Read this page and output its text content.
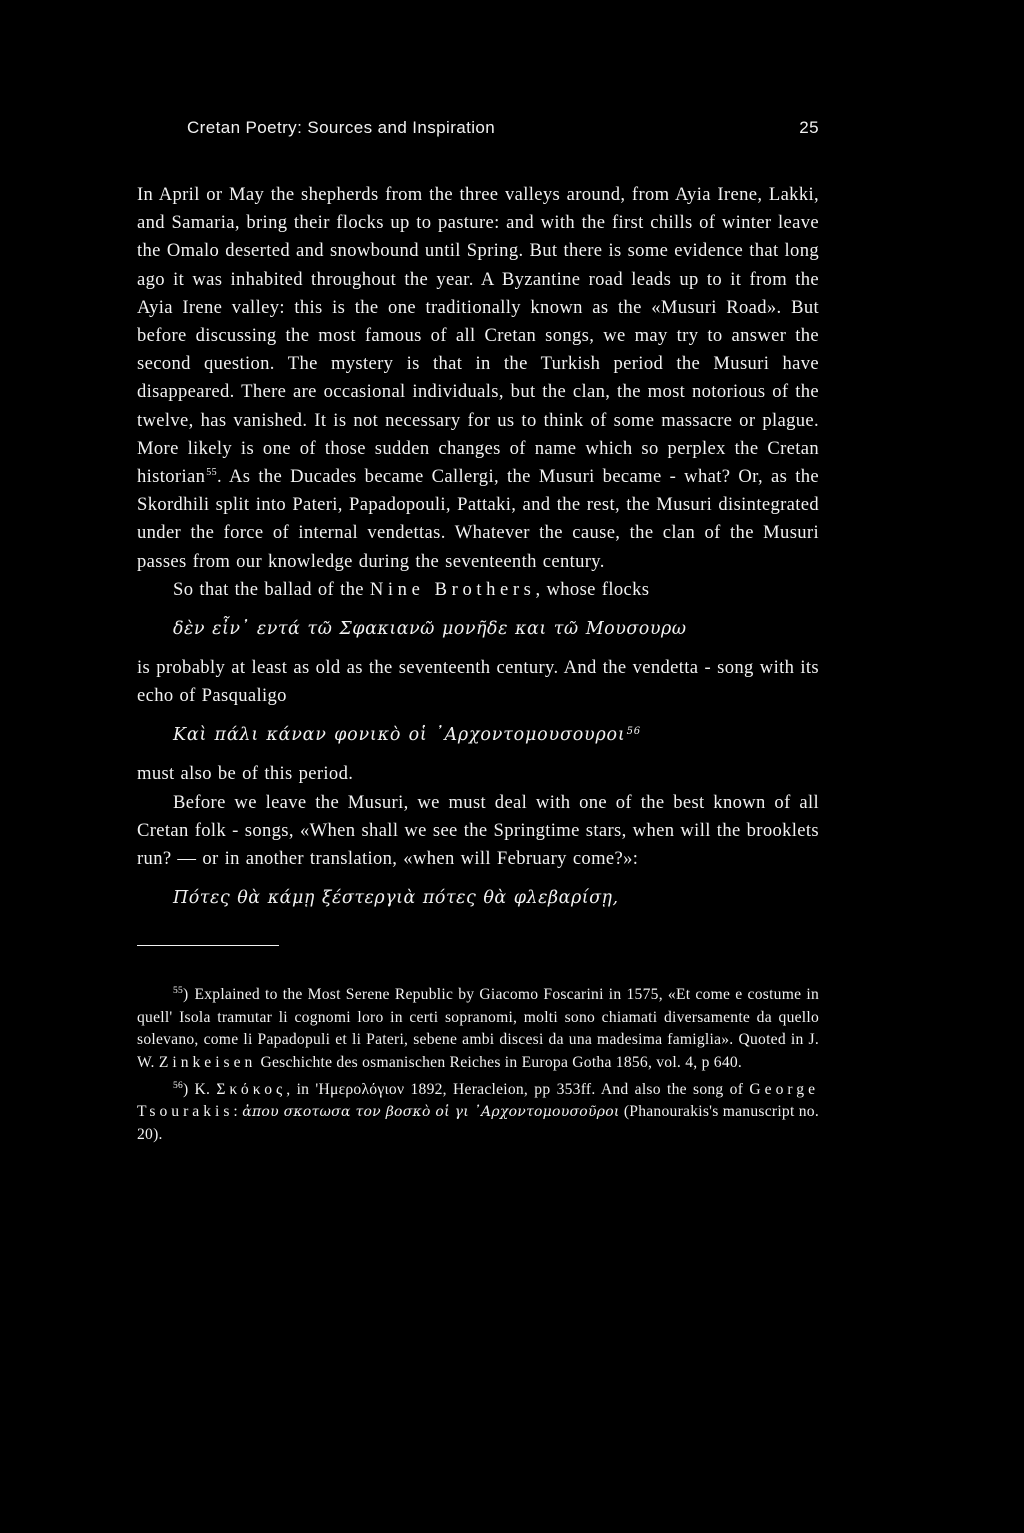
Cretan Poetry: Sources and Inspiration	25

In April or May the shepherds from the three valleys around, from Ayia Irene, Lakki, and Samaria, bring their flocks up to pasture: and with the first chills of winter leave the Omalo deserted and snowbound until Spring. But there is some evidence that long ago it was inhabited throughout the year. A Byzantine road leads up to it from the Ayia Irene valley: this is the one traditionally known as the «Musuri Road». But before discussing the most famous of all Cretan songs, we may try to answer the second question. The mystery is that in the Turkish period the Musuri have disappeared. There are occasional individuals, but the clan, the most notorious of the twelve, has vanished. It is not necessary for us to think of some massacre or plague. More likely is one of those sudden changes of name which so perplex the Cretan historian$^{55}$. As the Ducades became Callergi, the Musuri became - what? Or, as the Skordhili split into Pateri, Papadopouli, Pattaki, and the rest, the Musuri disintegrated under the force of internal vendettas. Whatever the cause, the clan of the Musuri passes from our knowledge during the seventeenth century.

So that the ballad of the Nine Brothers, whose flocks

δὲν εἶν᾽ εντά τῶ Σφακιανῶ μονῆδε και τῶ Μουσουρω

is probably at least as old as the seventeenth century. And the vendetta - song with its echo of Pasqualigo

Καὶ πάλι κάναν φονικὸ οἱ ᾽Αρχοντομουσουροι$^{56}$

must also be of this period.

Before we leave the Musuri, we must deal with one of the best known of all Cretan folk - songs, «When shall we see the Springtime stars, when will the brooklets run? — or in another translation, «when will February come?»:

Πότες θὰ κάμῃ ξέστεργιὰ πότες θὰ φλεβαρίσῃ,

$^{55}$) Explained to the Most Serene Republic by Giacomo Foscarini in 1575, «Et come e costume in quell' Isola tramutar li cognomi loro in certi sopranomi, molti sono chiamati diversamente da quello solevano, come li Papadopuli et li Pateri, sebene ambi discesi da una madesima famiglia». Quoted in J. W. Zinkeisen Geschichte des osmanischen Reiches in Europa Gotha 1856, vol. 4, p 640.

$^{56}$) K. Σκόκος, in 'Ημερολόγιον 1892, Heracleion, pp 353ff. And also the song of George Tsourakis: ἀπου σκοτωσα τον βοσκὸ οἱ γι ᾽Αρχοντομουσοῦροι (Phanourakis's manuscript no. 20).
